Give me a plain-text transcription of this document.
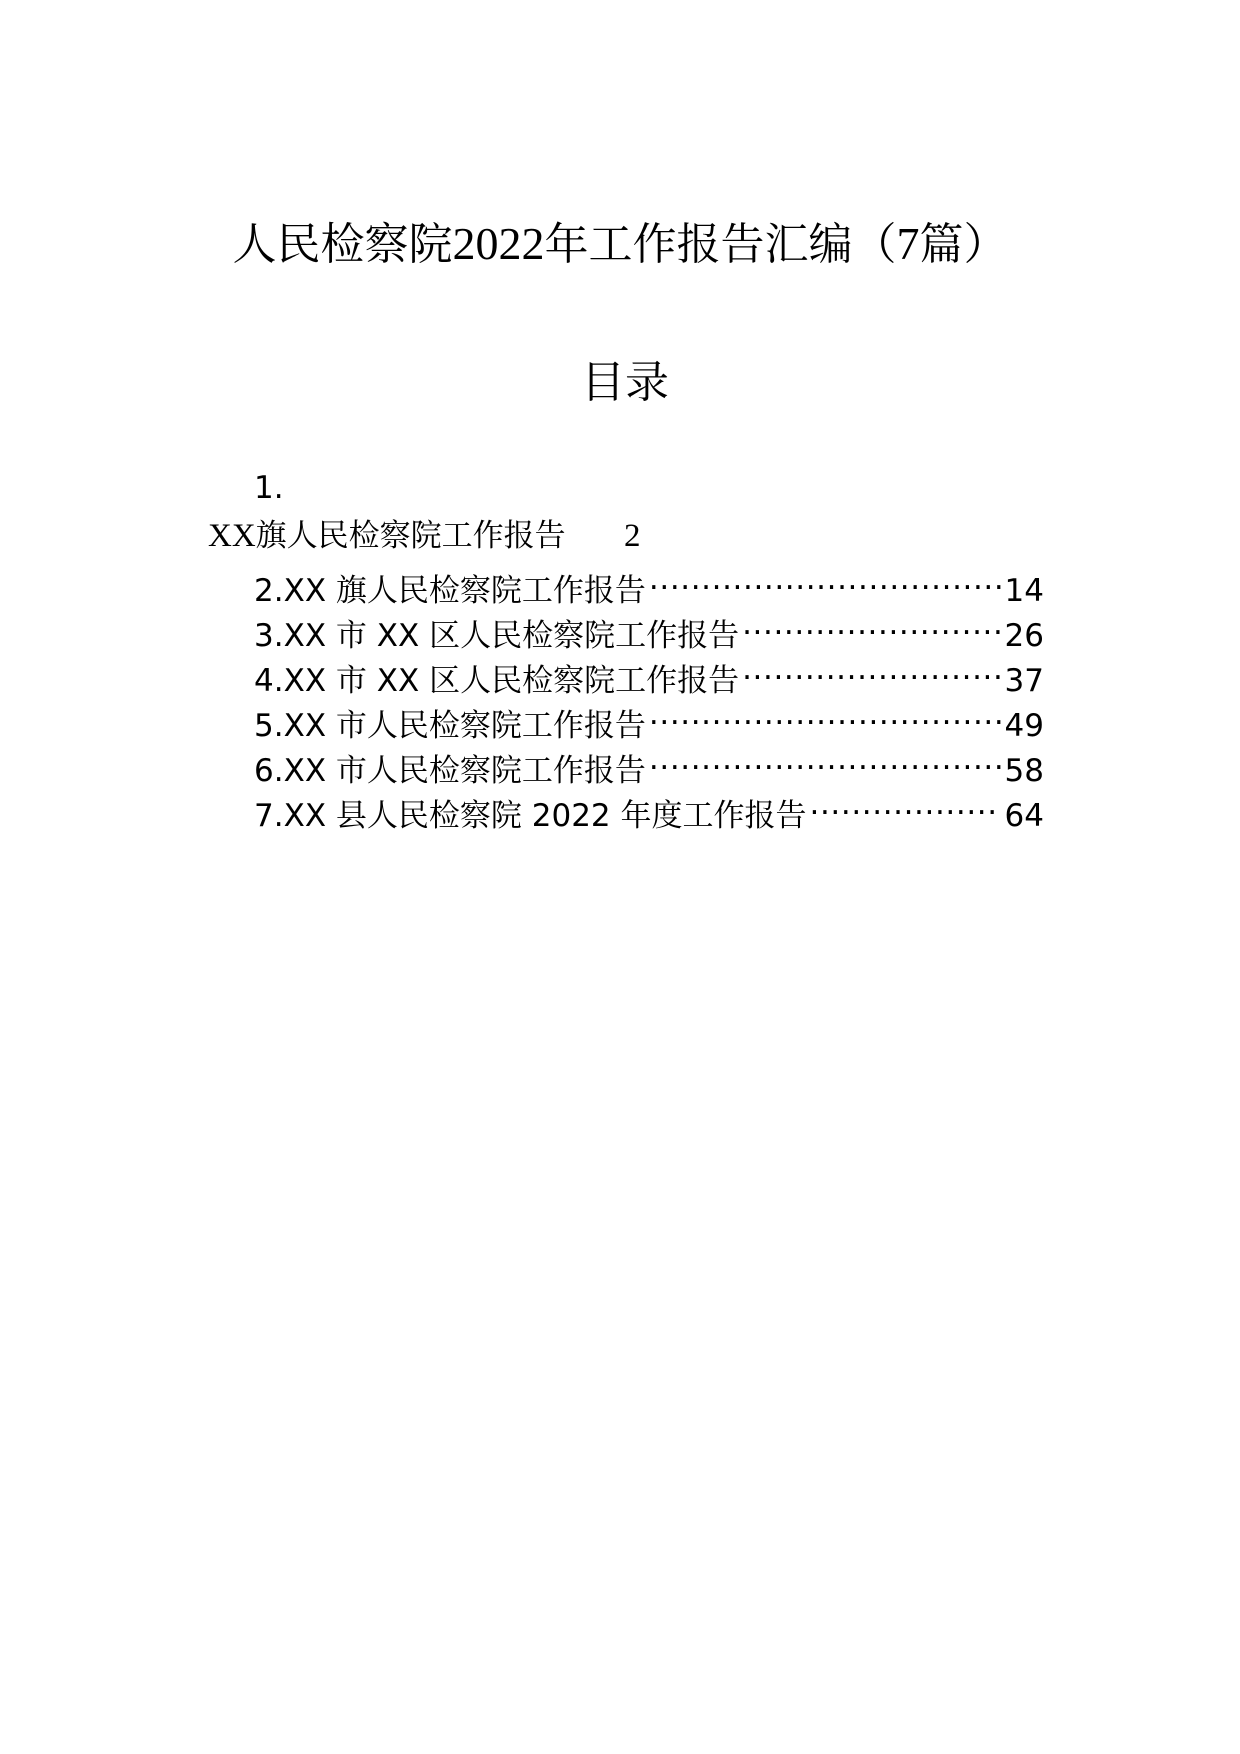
人民检察院2022年工作报告汇编（7篇）
目录
1.
XX旗人民检察院工作报告 2
2.XX 旗人民检察院工作报告 .....	14
3.XX 市 XX 区人民检察院工作报告 .....	26
4.XX 市 XX 区人民检察院工作报告 .....	37
5.XX 市人民检察院工作报告 .....	49
6.XX 市人民检察院工作报告 .....	58
7.XX 县人民检察院 2022 年度工作报告 .....	64
